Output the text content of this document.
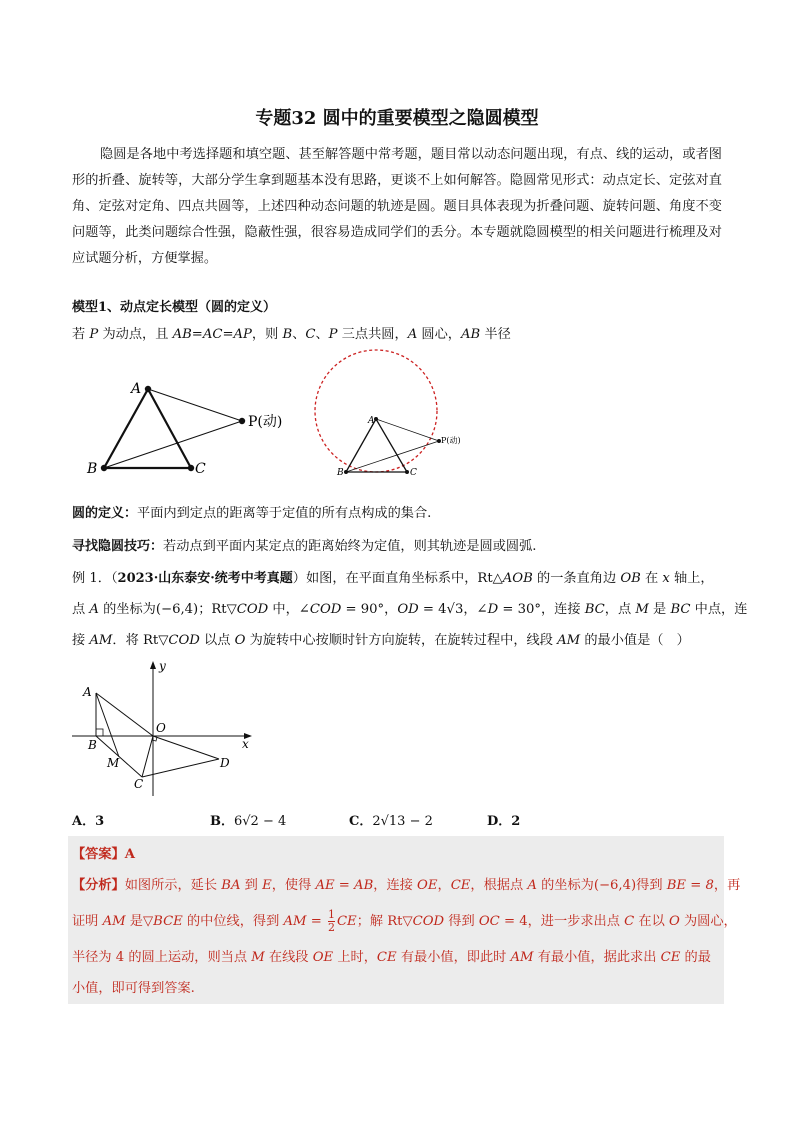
专题32 圆中的重要模型之隐圆模型
隐圆是各地中考选择题和填空题、甚至解答题中常考题，题目常以动态问题出现，有点、线的运动，或者图形的折叠、旋转等，大部分学生拿到题基本没有思路，更谈不上如何解答。隐圆常见形式：动点定长、定弦对直角、定弦对定角、四点共圆等，上述四种动态问题的轨迹是圆。题目具体表现为折叠问题、旋转问题、角度不变问题等，此类问题综合性强，隐蔽性强，很容易造成同学们的丢分。本专题就隐圆模型的相关问题进行梳理及对应试题分析，方便掌握。
模型1、动点定长模型（圆的定义）
若 P 为动点，且 AB=AC=AP，则 B、C、P 三点共圆，A 圆心，AB 半径
A
B	C
P(动)	A
B	C
P(动)
圆的定义：平面内到定点的距离等于定值的所有点构成的集合.
寻找隐圆技巧：若动点到平面内某定点的距离始终为定值，则其轨迹是圆或圆弧.
例 1．（2023·山东泰安·统考中考真题）如图，在平面直角坐标系中，Rt△AOB 的一条直角边 OB 在 x 轴上，
点 A 的坐标为(−6,4)；Rt▽COD 中，∠COD = 90°，OD = 4√3，∠D = 30°，连接 BC，点 M 是 BC 中点，连
接 AM．将 Rt▽COD 以点 O 为旋转中心按顺时针方向旋转，在旋转过程中，线段 AM 的最小值是（　）
y
x
A
B
O
M
C
D
A．3	B．6√2 − 4	C．2√13 − 2	D．2
【答案】A
【分析】如图所示，延长 BA 到 E，使得 AE = AB，连接 OE，CE，根据点 A 的坐标为(−6,4)得到 BE = 8，再
证明 AM 是▽BCE 的中位线，得到 AM = $\frac{1}{2}$ CE；解 Rt▽COD 得到 OC = 4，进一步求出点 C 在以 O 为圆心，
半径为 4 的圆上运动，则当点 M 在线段 OE 上时，CE 有最小值，即此时 AM 有最小值，据此求出 CE 的最
小值，即可得到答案.
